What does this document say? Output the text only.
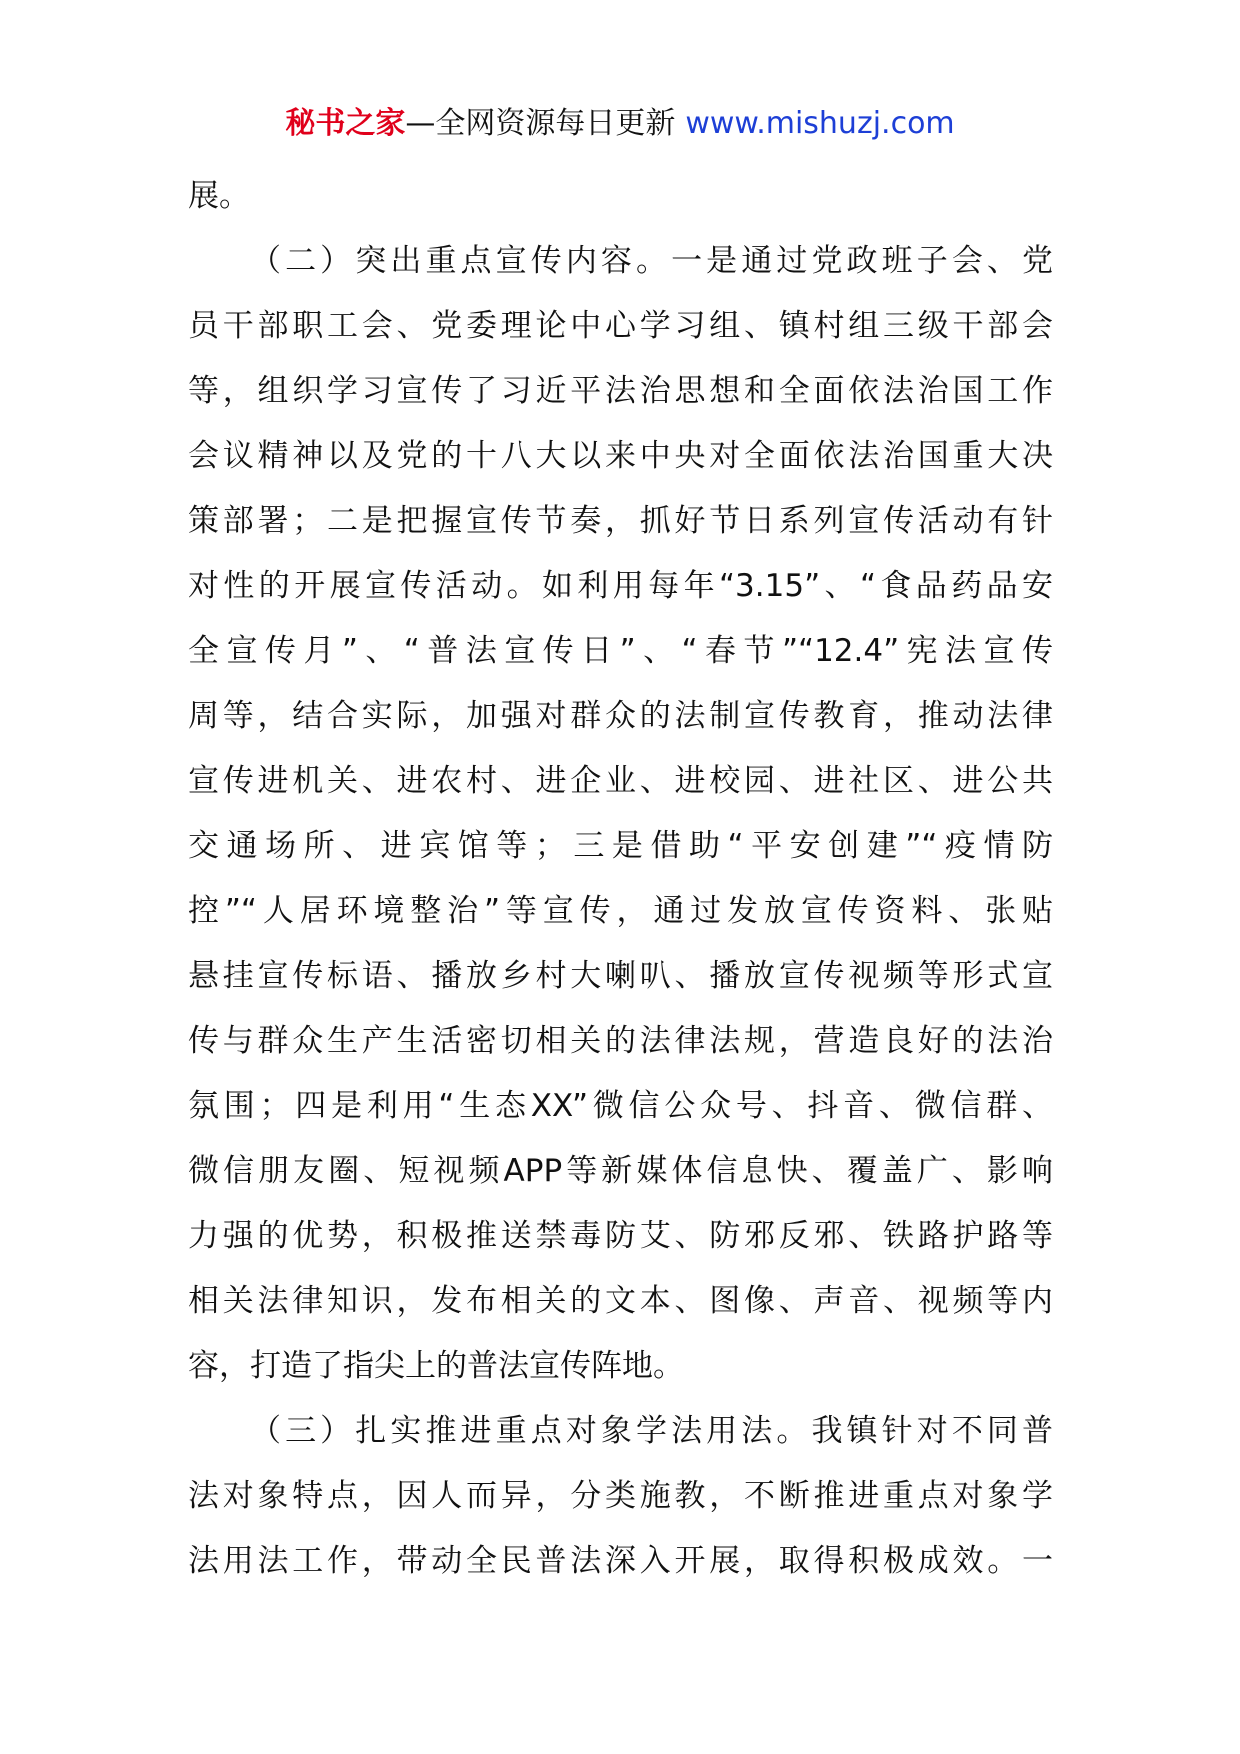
秘书之家—全网资源每日更新 www.mishuzj.com
展。
（二）突出重点宣传内容。一是通过党政班子会、党
员干部职工会、党委理论中心学习组、镇村组三级干部会
等，组织学习宣传了习近平法治思想和全面依法治国工作
会议精神以及党的十八大以来中央对全面依法治国重大决
策部署；二是把握宣传节奏，抓好节日系列宣传活动有针
对性的开展宣传活动。如利用每年“3.15”、“食品药品安
全宣传月”、“普法宣传日”、“春节”“12.4”宪法宣传
周等，结合实际，加强对群众的法制宣传教育，推动法律
宣传进机关、进农村、进企业、进校园、进社区、进公共
交通场所、进宾馆等；三是借助“平安创建”“疫情防
控”“人居环境整治”等宣传，通过发放宣传资料、张贴
悬挂宣传标语、播放乡村大喇叭、播放宣传视频等形式宣
传与群众生产生活密切相关的法律法规，营造良好的法治
氛围；四是利用“生态XX”微信公众号、抖音、微信群、
微信朋友圈、短视频APP等新媒体信息快、覆盖广、影响
力强的优势，积极推送禁毒防艾、防邪反邪、铁路护路等
相关法律知识，发布相关的文本、图像、声音、视频等内
容，打造了指尖上的普法宣传阵地。
（三）扎实推进重点对象学法用法。我镇针对不同普
法对象特点，因人而异，分类施教，不断推进重点对象学
法用法工作，带动全民普法深入开展，取得积极成效。一
